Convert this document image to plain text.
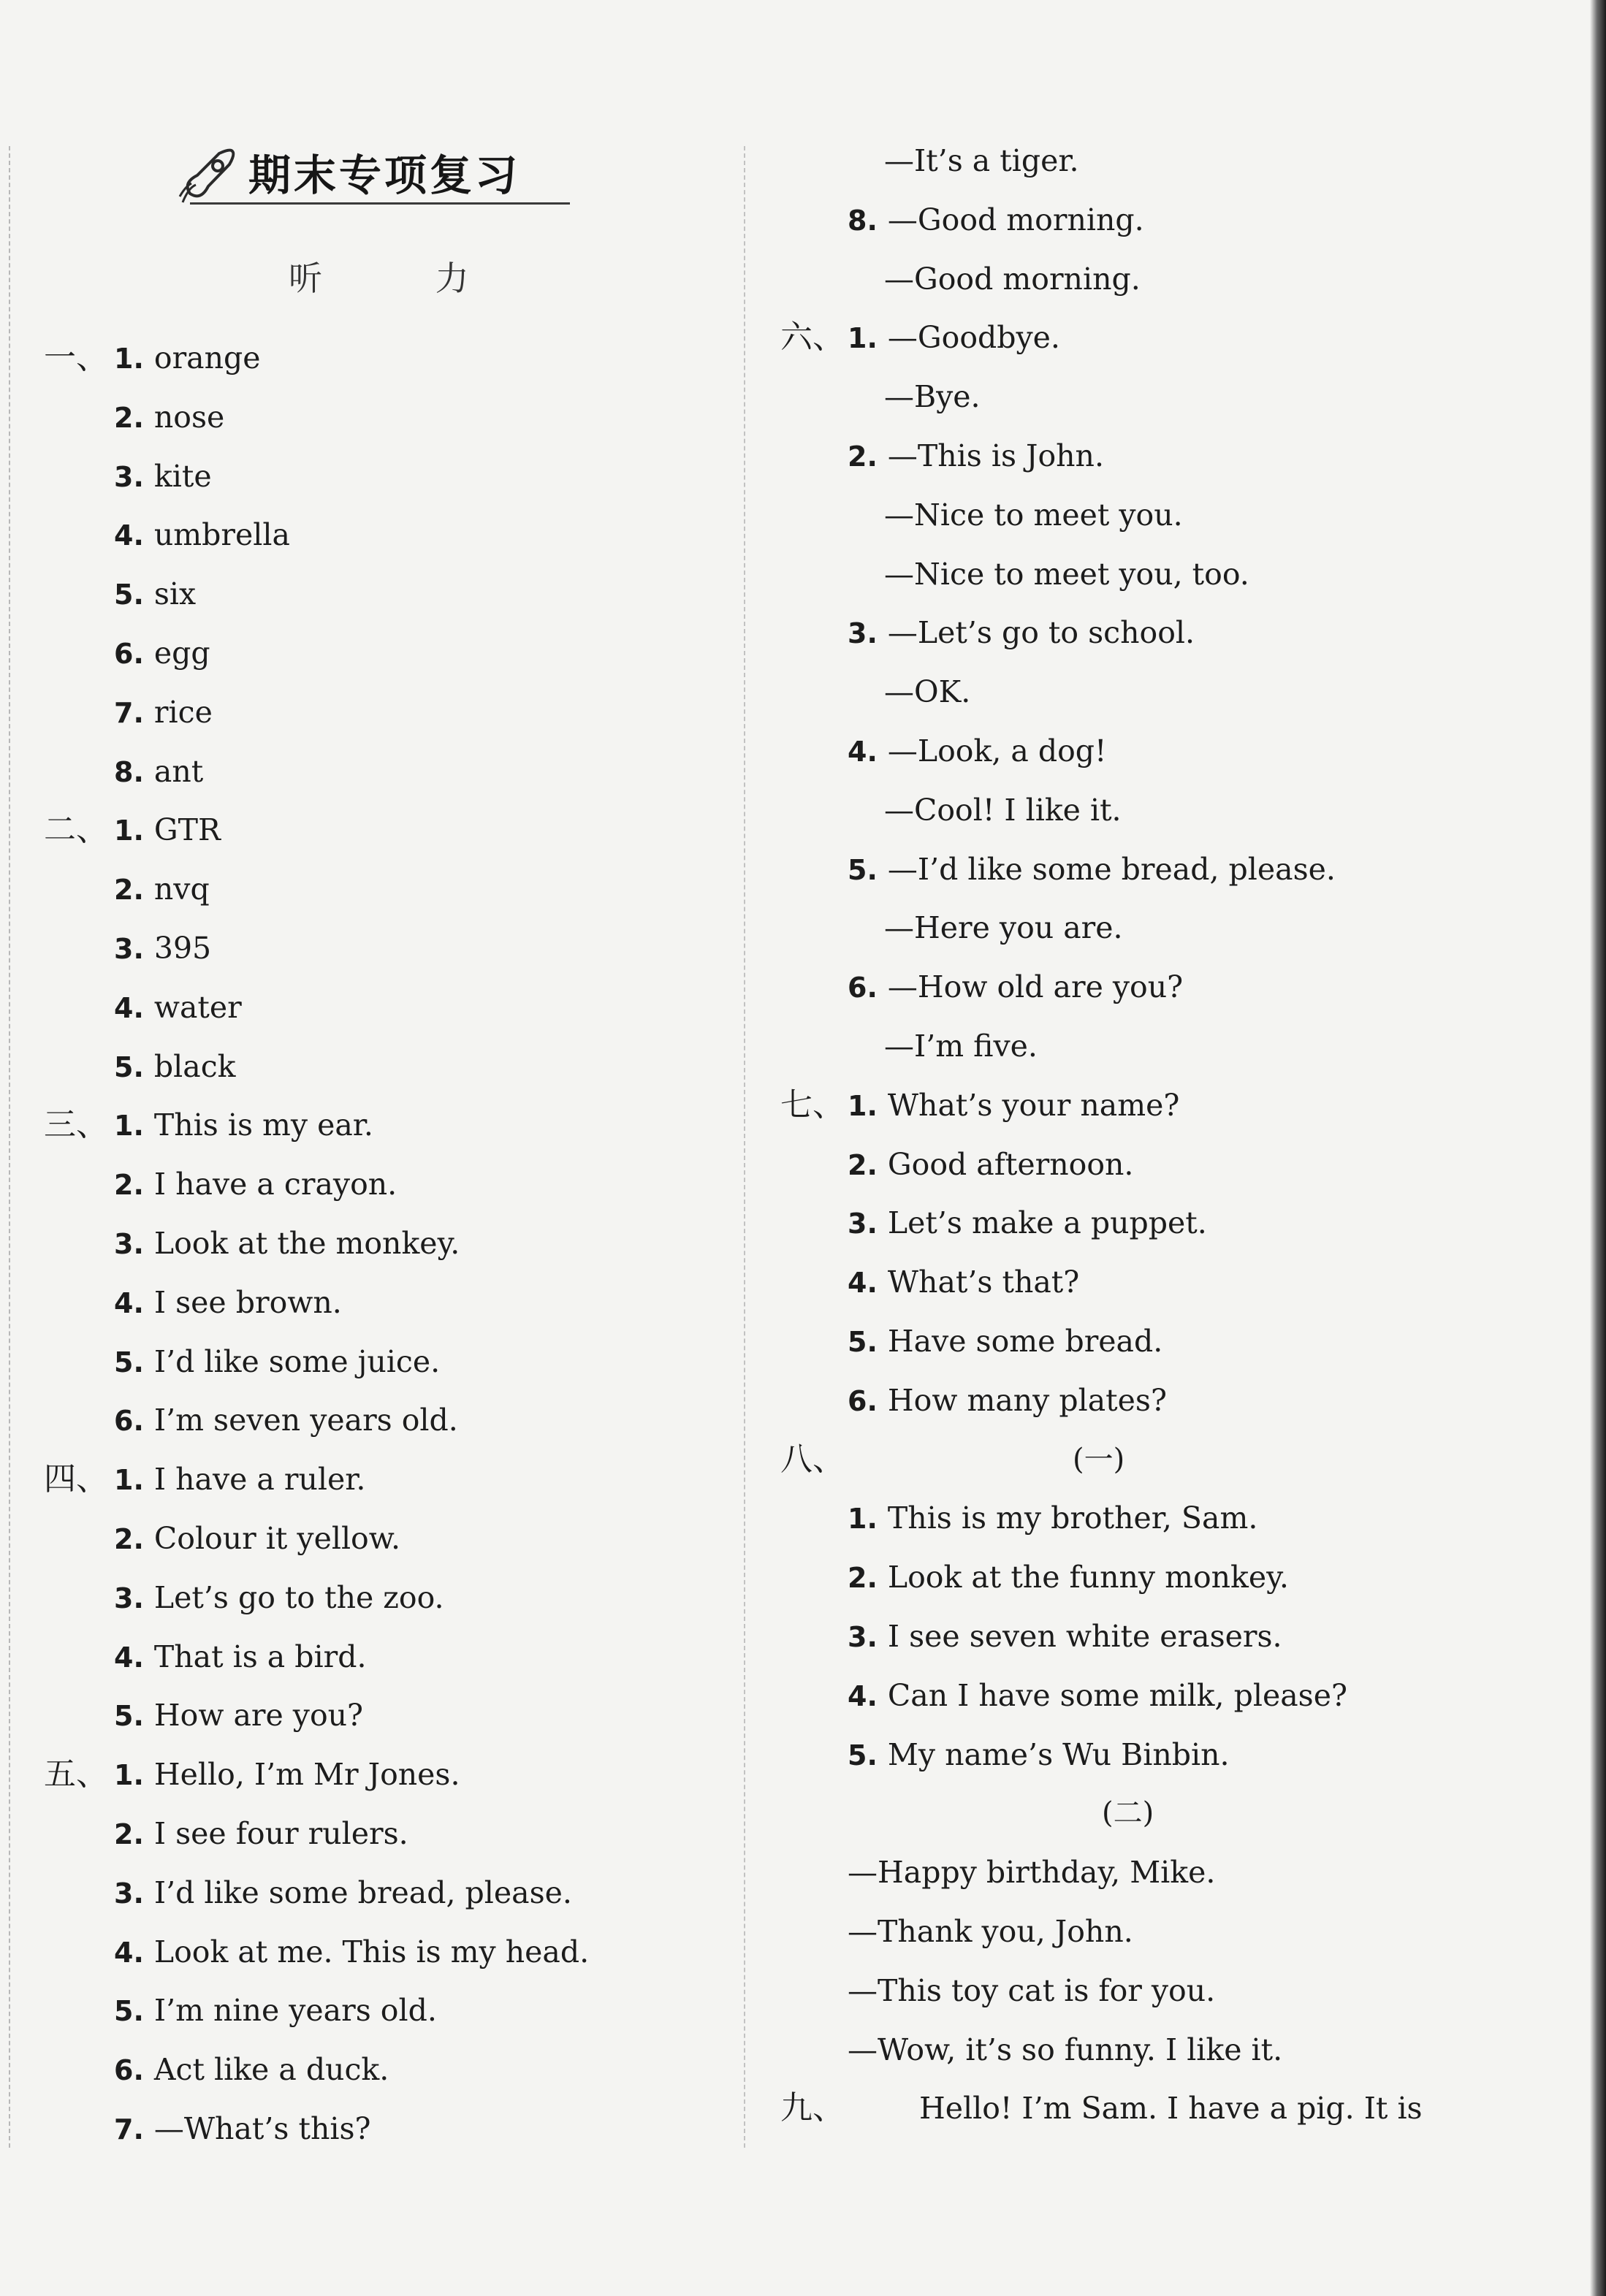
期末专项复习
听 力
一、 1. orange
2. nose
3. kite
4. umbrella
5. six
6. egg
7. rice
8. ant
二、 1. GTR
2. nvq
3. 395
4. water
5. black
三、 1. This is my ear.
2. I have a crayon.
3. Look at the monkey.
4. I see brown.
5. I’d like some juice.
6. I’m seven years old.
四、 1. I have a ruler.
2. Colour it yellow.
3. Let’s go to the zoo.
4. That is a bird.
5. How are you?
五、 1. Hello, I’m Mr Jones.
2. I see four rulers.
3. I’d like some bread, please.
4. Look at me. This is my head.
5. I’m nine years old.
6. Act like a duck.
7. —What’s this?
—It’s a tiger.
8. —Good morning.
—Good morning.
六、 1. —Goodbye.
—Bye.
2. —This is John.
—Nice to meet you.
—Nice to meet you, too.
3. —Let’s go to school.
—OK.
4. —Look, a dog!
—Cool! I like it.
5. —I’d like some bread, please.
—Here you are.
6. —How old are you?
—I’m five.
七、 1. What’s your name?
2. Good afternoon.
3. Let’s make a puppet.
4. What’s that?
5. Have some bread.
6. How many plates?
八、	(一)
1. This is my brother, Sam.
2. Look at the funny monkey.
3. I see seven white erasers.
4. Can I have some milk, please?
5. My name’s Wu Binbin.
(二)
—Happy birthday, Mike.
—Thank you, John.
—This toy cat is for you.
—Wow, it’s so funny. I like it.
九、 Hello! I’m Sam. I have a pig. It is
